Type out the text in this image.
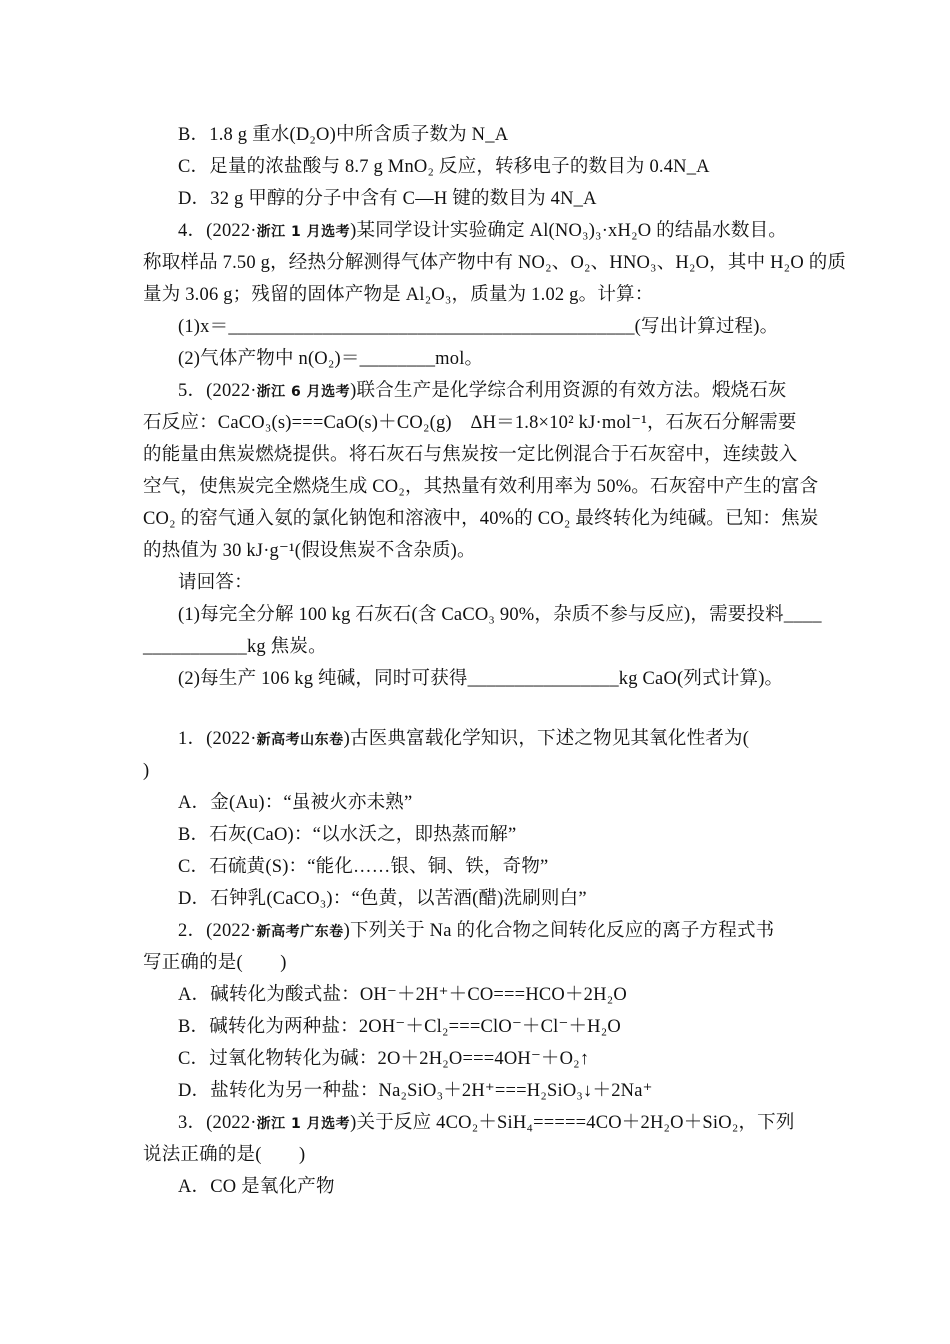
B．1.8 g 重水(D₂O)中所含质子数为 N_A
C．足量的浓盐酸与 8.7 g MnO₂ 反应，转移电子的数目为 0.4N_A
D．32 g 甲醇的分子中含有 C—H 键的数目为 4N_A
4．(2022·浙江 1 月选考)某同学设计实验确定 Al(NO₃)₃·xH₂O 的结晶水数目。
称取样品 7.50 g，经热分解测得气体产物中有 NO₂、O₂、HNO₃、H₂O，其中 H₂O 的质
量为 3.06 g；残留的固体产物是 Al₂O₃，质量为 1.02 g。计算：
(1)x＝___________________________________________(写出计算过程)。
(2)气体产物中 n(O₂)＝________mol。
5．(2022·浙江 6 月选考)联合生产是化学综合利用资源的有效方法。煅烧石灰
石反应：CaCO₃(s)===CaO(s)＋CO₂(g)　ΔH＝1.8×10² kJ·mol⁻¹，石灰石分解需要
的能量由焦炭燃烧提供。将石灰石与焦炭按一定比例混合于石灰窑中，连续鼓入
空气，使焦炭完全燃烧生成 CO₂，其热量有效利用率为 50%。石灰窑中产生的富含
CO₂ 的窑气通入氨的氯化钠饱和溶液中，40%的 CO₂ 最终转化为纯碱。已知：焦炭
的热值为 30 kJ·g⁻¹(假设焦炭不含杂质)。
请回答：
(1)每完全分解 100 kg 石灰石(含 CaCO₃ 90%，杂质不参与反应)，需要投料____
___________kg 焦炭。
(2)每生产 106 kg 纯碱，同时可获得________________kg CaO(列式计算)。
1．(2022·新高考山东卷)古医典富载化学知识，下述之物见其氧化性者为(
)
A．金(Au)：“虽被火亦未熟”
B．石灰(CaO)：“以水沃之，即热蒸而解”
C．石硫黄(S)：“能化……银、铜、铁，奇物”
D．石钟乳(CaCO₃)：“色黄，以苦酒(醋)洗刷则白”
2．(2022·新高考广东卷)下列关于 Na 的化合物之间转化反应的离子方程式书
写正确的是(　　)
A．碱转化为酸式盐：OH⁻＋2H⁺＋CO===HCO＋2H₂O
B．碱转化为两种盐：2OH⁻＋Cl₂===ClO⁻＋Cl⁻＋H₂O
C．过氧化物转化为碱：2O＋2H₂O===4OH⁻＋O₂↑
D．盐转化为另一种盐：Na₂SiO₃＋2H⁺===H₂SiO₃↓＋2Na⁺
3．(2022·浙江 1 月选考)关于反应 4CO₂＋SiH₄=====4CO＋2H₂O＋SiO₂，下列
说法正确的是(　　)
A．CO 是氧化产物
